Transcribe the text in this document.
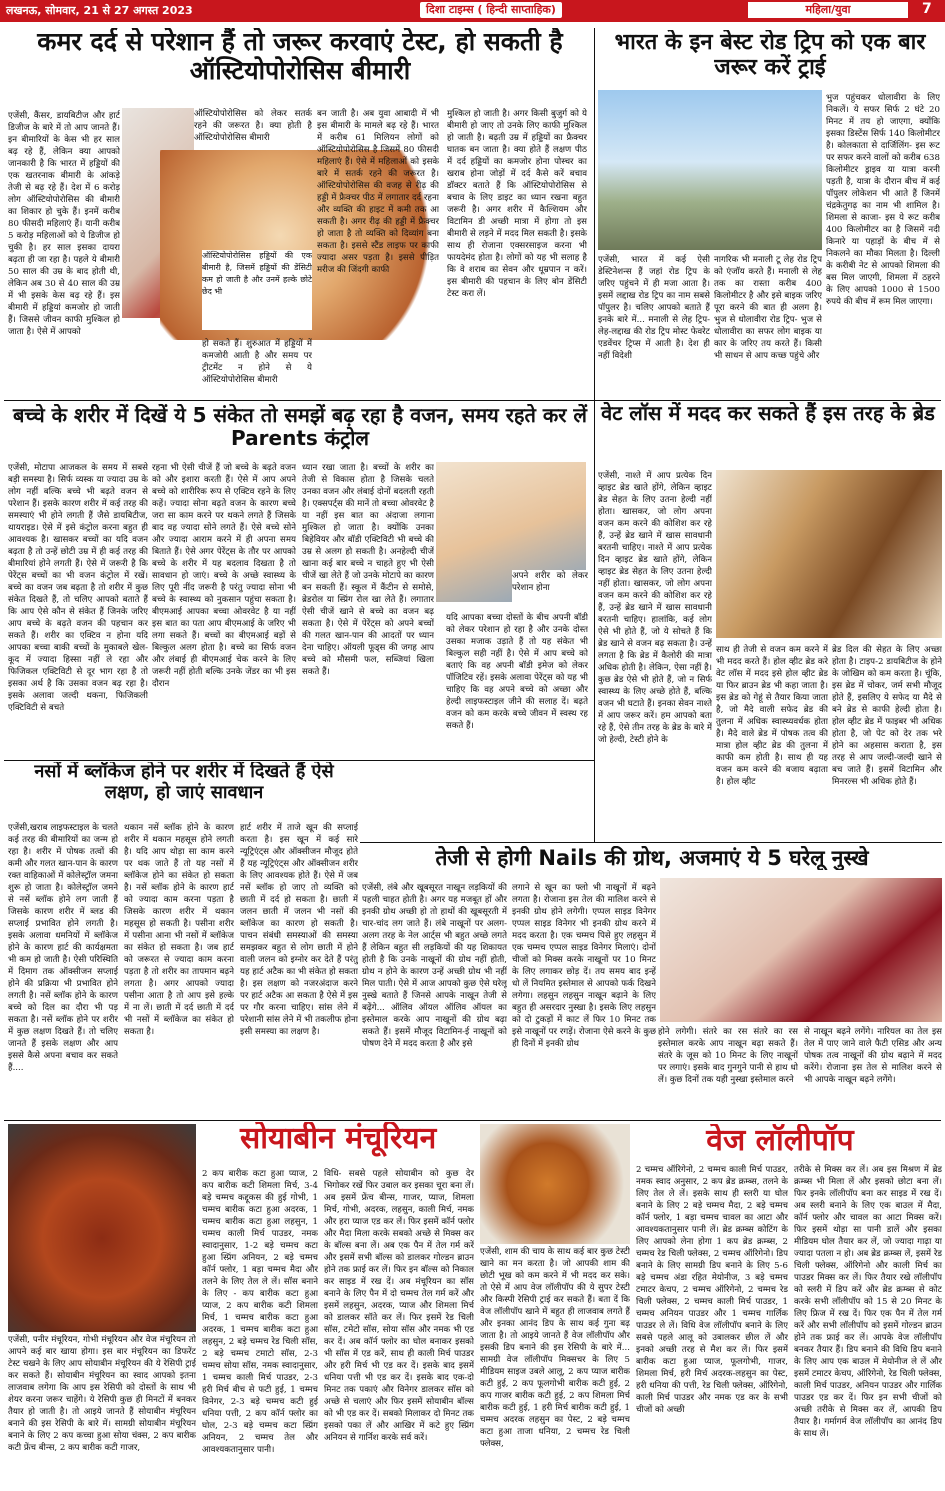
लखनऊ, सोमवार, 21 से 27 अगस्त 2023	दिशा टाइम्स ( हिन्दी साप्ताहिक)	महिला/युवा	7
कमर दर्द से परेशान हैं तो जरूर करवाएं टेस्ट, हो सकती है ऑस्टियोपोरोसिस बीमारी
एजेंसी, कैंसर, डायबिटीज और हार्ट डिजीज के बारे में तो आप जानते हैं। इन बीमारियों के केस भी हर साल बढ़ रहे हैं, लेकिन क्या आपको जानकारी है कि भारत में हड्डियों की एक खतरनाक बीमारी के आंकड़े तेजी से बढ़ रहे हैं। देश में 6 करोड़ लोग ऑस्टियोपोरोसिस की बीमारी का शिकार हो चुके हैं। इनमें करीब 80 फीसदी महिलाएं हैं। यानी करीब 5 करोड़ महिलाओं को ये डिजीज हो चुकी है। हर साल इसका दायरा बढ़ता ही जा रहा है। पहले ये बीमारी 50 साल की उम्र के बाद होती थी, लेकिन अब 30 से 40 साल की उम्र में भी इसके केस बढ़ रहे हैं। इस बीमारी में हड्डियां कमजोर हो जाती हैं। जिससे जीवन काफी मुश्किल हो जाता है। ऐसे में आपको
ऑस्टियोपोरोसिस को लेकर सतर्क रहने की जरूरत है। क्या होती है ऑस्टियोपोरोसिस बीमारी
ऑस्टियोपोरोसिस हड्डियों की एक बीमारी है, जिसमें हड्डियों की डेंसिटी कम हो जाती है और उनमें हल्के छोटे छेद भी
हो सकते हैं। शुरुआत में हड्डियों में कमजोरी आती है और समय पर ट्रीटमेंट न होने से ये ऑस्टियोपोरोसिस बीमारी
बन जाती है। अब युवा आबादी में भी इस बीमारी के मामले बढ़ रहे हैं। भारत में करीब 61 मिलियन लोगों को ऑस्टियोपोरोसिस है जिसमें 80 फीसदी महिलाएं हैं। ऐसे में महिलाओं को इसके बारे में सतर्क रहने की जरूरत है। ऑस्टियोपोरोसिस की वजह से रीढ़ की हड्डी में फ्रैक्चर पीठ में लगातार दर्द रहना और व्यक्ति की हाइट में कमी तक आ सकती है। अगर रीढ़ की हड्डी में फ्रैक्चर हो जाता है तो व्यक्ति को दिव्यांग बना सकता है। इससे स्टैंड लाइफ पर काफी ज्यादा असर पड़ता है। इससे पीड़ित मरीज की जिंदगी काफी
मुश्किल हो जाती है। अगर किसी बुजुर्ग को ये बीमारी हो जाए तो उनके लिए काफी मुश्किल हो जाती है। बढ़ती उम्र में हड्डियों का फ्रैक्चर घातक बन जाता है। क्या होते हैं लक्षण पीठ में दर्द हड्डियों का कमजोर होना पोस्चर का खराब होना जोड़ों में दर्द कैसे करें बचाव डॉक्टर बताते हैं कि ऑस्टियोपोरोसिस से बचाव के लिए डाइट का ध्यान रखना बहुत जरूरी है। अगर शरीर में कैल्शियम और विटामिन डी अच्छी मात्रा में होगा तो इस बीमारी से लड़ने में मदद मिल सकती है। इसके साथ ही रोजाना एक्सरसाइज करना भी फायदेमंद होता है। लोगों को यह भी सलाह है कि वे शराब का सेवन और धूम्रपान न करें। इस बीमारी की पहचान के लिए बोन डेंसिटी टेस्ट करा लें।
भारत के इन बेस्ट रोड ट्रिप को एक बार जरूर करें ट्राई
एजेंसी, भारत में कई ऐसी डेस्टिनेशन्स हैं जहां रोड ट्रिप के जरिए पहुंचने में ही मजा आता है। इसमें लद्दाख रोड ट्रिप का नाम सबसे पॉपुलर है। चलिए आपको बताते हैं इनके बारे में... मनाली से लेह ट्रिप- लेह-लद्दाख की रोड ट्रिप मोस्ट फेवरेट एडवेंचर ट्रिप्स में आती है। देश ही नहीं विदेशी
नागरिक भी मनाली टू लेह रोड ट्रिप को एंजॉय करते हैं। मनाली से लेह तक का रास्ता करीब 400 किलोमीटर है और इसे बाइक जरिए पूरा करने की बात ही अलग है। भुज से धोलावीरा रोड ट्रिप- भुज से धोलावीरा का सफर लोग बाइक या कार के जरिए तय करते हैं। किसी भी साधन से आप कच्छ पहुंचे और
भुज पहुंचकर धोलावीरा के लिए निकलें। ये सफर सिर्फ 2 घंटे 20 मिनट में तय हो जाएगा, क्योंकि इसका डिस्टेंस सिर्फ 140 किलोमीटर है। कोलकाता से दार्जिलिंग- इस रूट पर सफर करने वालों को करीब 638 किलोमीटर ड्राइव या यात्रा करनी पड़ती है, यात्रा के दौरान बीच में कई पॉपुलर लोकेशन भी आते हैं जिनमें चंद्रकेतुगढ़ का नाम भी शामिल है। शिमला से काजा- इस ये रूट करीब 400 किलोमीटर का है जिसमें नदी किनारे या पहाड़ों के बीच में से निकलने का मौका मिलता है। दिल्ली के करीबी नेट से आपको शिमला की बस मिल जाएगी, शिमला में ठहरने के लिए आपको 1000 से 1500 रुपये की बीच में रूम मिल जाएगा।
बच्चे के शरीर में दिखें ये 5 संकेत तो समझें बढ़ रहा है वजन, समय रहते कर लें Parents कंट्रोल
एजेंसी, मोटापा आजकल के समय में सबसे बड़ी समस्या है। सिर्फ व्यस्क या ज्यादा उम्र के लोग नहीं बल्कि बच्चे भी बढ़ते वजन से परेशान हैं। इसके कारण शरीर में कई तरह की समस्याएं भी होने लगती हैं जैसे डायबिटीज, थायराइड। ऐसे में इसे कंट्रोल करना बहुत ही आवश्यक है। खासकर बच्चों का यदि वजन बढ़ता है तो उन्हें छोटी उम्र में ही कई तरह की बीमारियां होने लगती हैं। ऐसे में जरूरी है कि पेरेंट्स बच्चों का भी वजन कंट्रोल में रखें। बच्चे का वजन जब बढ़ता है तो शरीर में कुछ संकेत दिखते हैं, तो चलिए आपको बताते हैं कि आप ऐसे कौन से संकेत हैं जिनके जरिए आप बच्चे के बढ़ते वजन की पहचान कर सकते हैं। शरीर का एक्टिव न होना यदि आपका बच्चा बाकी बच्चों के मुकाबले खेल-कूद में ज्यादा हिस्सा नहीं ले रहा और फिजिकल एक्टिविटी से दूर भाग रहा है तो इसका अर्थ है कि उसका वजन बढ़ रहा है। इसके अलावा जल्दी थकना, फिजिकली एक्टिविटी से बचते
रहना भी ऐसी चीजें हैं जो बच्चे के बढ़ते वजन को और इशारा करती हैं। ऐसे में आप अपने बच्चे को शारीरिक रूप से एक्टिव रहने के लिए कहें। ज्यादा सोना बढ़ते वजन के कारण बच्चे जरा सा काम करने पर थकने लगते हैं जिसके बाद वह ज्यादा सोने लगते हैं। ऐसे बच्चे सोने और ज्यादा आराम करने में ही अपना समय बिताते हैं। ऐसे अगर पेरेंट्स के तौर पर आपको बच्चे के शरीर में यह बदलाव दिखता है तो सावधान हो जाएं। बच्चे के अच्छे स्वास्थ्य के लिए पूरी नींद जरूरी है परंतु ज्यादा सोना भी बच्चे के स्वास्थ्य को नुकसान पहुंचा सकता है। बीएमआई आपका बच्चा ओवरवेट है या नहीं इस बात का पता आप बीएमआई के जरिए भी लगा सकते हैं। बच्चों का बीएमआई बड़ों से बिल्कुल अलग होता है। बच्चे का सिर्फ वजन और लंबाई ही बीएमआई चेक करने के लिए जरूरी नहीं होती बल्कि उनके जेंडर का भी इस दौरान
ध्यान रखा जाता है। बच्चों के शरीर का तेजी से विकास होता है जिसके चलते उनका वजन और लंबाई दोनों बदलती रहती है। एक्सपर्ट्स की मानें तो बच्चा ओवरवेट है या नहीं इस बात का अंदाजा लगाना मुश्किल हो जाता है। क्योंकि उनका बिहेवियर और बॉडी एक्टिविटी भी बच्चे की उम्र से अलग हो सकती है। अनहेल्दी चीजें खाना कई बार बच्चे न चाहते हुए भी ऐसी चीजें खा लेते हैं जो उनके मोटापे का कारण बन सकती हैं। स्कूल में कैंटीन से समोसे, ब्रेडरोल या स्प्रिंग रोल खा लेते हैं। लगातार ऐसी चीजें खाने से बच्चे का वजन बढ़ सकता है। ऐसे में पेरेंट्स को अपने बच्चों की गलत खान-पान की आदतों पर ध्यान देना चाहिए। ऑयली फूड्स की जगह आप बच्चे को मौसमी फल, सब्जियां खिला सकते हैं।
अपने शरीर को लेकर परेशान होना
यदि आपका बच्चा दोस्तों के बीच अपनी बॉडी को लेकर परेशान हो रहा है और उनके दोस्त उसका मजाक उड़ाते हैं तो यह संकेत भी बिल्कुल सही नहीं है। ऐसे में आप बच्चे को बताएं कि वह अपनी बॉडी इमेज को लेकर पॉजिटिव रहें। इसके अलावा पेरेंट्स को यह भी चाहिए कि वह अपने बच्चे को अच्छा और हेल्दी लाइफस्टाइल जीने की सलाह दें। बढ़ते वजन को कम करके बच्चे जीवन में स्वस्थ रह सकते हैं।
वेट लॉस में मदद कर सकते हैं इस तरह के ब्रेड
एजेंसी, नाश्ते में आप प्रत्येक दिन व्हाइट ब्रेड खाते होंगे, लेकिन व्हाइट ब्रेड सेहत के लिए उतना हेल्दी नहीं होता। खासकर, जो लोग अपना वजन कम करने की कोशिश कर रहे हैं, उन्हें ब्रेड खाने में खास सावधानी बरतनी चाहिए। नाश्ते में आप प्रत्येक दिन व्हाइट ब्रेड खाते होंगे, लेकिन व्हाइट ब्रेड सेहत के लिए उतना हेल्दी नहीं होता। खासकर, जो लोग अपना वजन कम करने की कोशिश कर रहे हैं, उन्हें ब्रेड खाने में खास सावधानी बरतनी चाहिए। हालांकि, कई लोग ऐसे भी होते हैं, जो ये सोचते हैं कि ब्रेड खाने से वजन बढ़ सकता है। उन्हें लगता है कि ब्रेड में कैलोरी की मात्रा अधिक होती है। लेकिन, ऐसा नहीं है। कुछ ब्रेड ऐसे भी होते हैं, जो न सिर्फ स्वास्थ्य के लिए अच्छे होते हैं, बल्कि वजन भी घटाते हैं। इनका सेवन नाश्ते में आप जरूर करें। हम आपको बता रहे हैं, ऐसे तीन तरह के ब्रेड के बारे में जो हेल्दी, टेस्टी होने के
साथ ही तेजी से वजन कम करने में भी मदद करते हैं। होल व्हीट ब्रेड करे वेट लॉस में मदद इसे होल व्हीट ब्रेड या फिर ब्राउन ब्रेड भी कहा जाता है। इस ब्रेड को गेहूं से तैयार किया जाता है, जो मैदे वाली सफेद ब्रेड की तुलना में अधिक स्वास्थ्यवर्धक होता है। मैदे वाले ब्रेड में पोषक तत्व की मात्रा होल व्हीट ब्रेड की तुलना में काफी कम होती है। साथ ही यह वजन कम करने की बजाय बढ़ाता है। होल व्हीट
ब्रेड दिल की सेहत के लिए अच्छा होता है। टाइप-2 डायबिटीज के होने के जोखिम को कम करता है। चूंकि, इस ब्रेड में चोकर, जर्म सभी मौजूद होते हैं, इसलिए ये सफेद या मैदे से बने ब्रेड से काफी हेल्दी होता है। होल व्हीट ब्रेड में फाइबर भी अधिक होता है, जो पेट को देर तक भरे होने का अहसास कराता है, इस तरह से आप जल्दी-जल्दी खाने से बच जाते हैं। इसमें विटामिन और मिनरल्स भी अधिक होते हैं।
नसों में ब्लॉकेज होने पर शरीर में दिखते हैं ऐसे लक्षण, हो जाएं सावधान
एजेंसी,खराब लाइफस्टाइल के चलते कई तरह की बीमारियों का जन्म हो रहा है। शरीर में पोषक तत्वों की कमी और गलत खान-पान के कारण रक्त वाहिकाओं में कोलेस्ट्रॉल जमना शुरू हो जाता है। कोलेस्ट्रॉल जमने से नसें ब्लॉक होने लग जाती हैं जिसके कारण शरीर में ब्लड की सप्लाई प्रभावित होने लगती है। इसके अलावा धमनियों में ब्लॉकेज होने के कारण हार्ट की कार्यक्षमता भी कम हो जाती है। ऐसी परिस्थिति में दिमाग तक ऑक्सीजन सप्लाई होने की प्रक्रिया भी प्रभावित होने लगती है। नसें ब्लॉक होने के कारण बच्चे को दिल का दौरा भी पड़ सकता है। नसें ब्लॉक होने पर शरीर में कुछ लक्षण दिखते हैं। तो चलिए जानते हैं इसके लक्षण और आप इससे कैसे अपना बचाव कर सकते हैं....
थकान नसें ब्लॉक होने के कारण शरीर में थकान महसूस होने लगती है। यदि आप थोड़ा सा काम करने पर थक जाते हैं तो यह नसों में ब्लॉकेज होने का संकेत हो सकता है। नसें ब्लॉक होने के कारण हार्ट को ज्यादा काम करना पड़ता है जिसके कारण शरीर में थकान महसूस हो सकती है। पसीना शरीर में पसीना आना भी नसों में ब्लॉकेज का संकेत हो सकता है। जब हार्ट को जरूरत से ज्यादा काम करना पड़ता है तो शरीर का तापमान बढ़ने लगता है। अगर आपको ज्यादा पसीना आता है तो आप इसे हल्के में ना लें। छाती में दर्द छाती में दर्द भी नसों में ब्लॉकेज का संकेत हो सकता है।
हार्ट शरीर में ताजे खून की सप्लाई करता है। इस खून में कई सारे न्यूट्रिएंट्स और ऑक्सीजन मौजूद होते हैं यह न्यूट्रिएंट्स और ऑक्सीजन शरीर के लिए आवश्यक होते हैं। ऐसे में जब नसें ब्लॉक हो जाए तो व्यक्ति को छाती में दर्द हो सकता है। छाती में जलन छाती में जलन भी नसों की ब्लॉकेज का कारण हो सकती है। पाचन संबंधी समस्याओं की समस्या समझकर बहुत से लोग छाती में होने वाली जलन को इग्नोर कर देते हैं परंतु यह हार्ट अटैक का भी संकेत हो सकता है। इस लक्षण को नजरअंदाज करने पर हार्ट अटैक आ सकता है ऐसे में इस पर गौर करना चाहिए। सांस लेने में परेशानी सांस लेने में भी तकलीफ होना इसी समस्या का लक्षण है।
तेजी से होगी Nails की ग्रोथ, अजमाएं ये 5 घरेलू नुस्खे
एजेंसी, लंबे और खूबसूरत नाखून लड़कियों की पहली चाहत होती है। अगर यह मजबूत हों और इनकी ग्रोथ अच्छी हो तो हाथों की खूबसूरती में चार-चांद लग जाते हैं। लंबे नाखूनों पर अलग-अलग तरह के नेल आर्ट्स भी बहुत अच्छे लगते हैं लेकिन बहुत सी लड़कियों की यह शिकायत होती है कि उनके नाखूनों की ग्रोथ नहीं होती, ग्रोथ न होने के कारण उन्हें अच्छी ग्रोथ भी नहीं मिल पाती। ऐसे में आज आपको कुछ ऐसे घरेलू नुस्खे बताते हैं जिनसे आपके नाखून तेजी से बढ़ेंगे... ऑलिव ऑयल ऑलिव ऑयल का इस्तेमाल करके आप नाखूनों की ग्रोथ बढ़ा सकते हैं। इसमें मौजूद विटामिन-ई नाखूनों को पोषण देने में मदद करता है और इसे
लगाने से खून का फ्लो भी नाखूनों में बढ़ने लगता है। रोजाना इस तेल की मालिश करने से इनकी ग्रोथ होने लगेगी। एप्पल साइड विनेगर एप्पल साइड विनेगर भी इनकी ग्रोथ करने में मदद करता है। एक चम्मच पिसे हुए लहसुन में एक चम्मच एप्पल साइड विनेगर मिलाएं। दोनों चीजों को मिक्स करके नाखूनों पर 10 मिनट के लिए लगाकर छोड़ दें। तय समय बाद इन्हें धो लें नियमित इस्तेमाल से आपको फर्क दिखने लगेगा। लहसुन लहसुन नाखून बढ़ाने के लिए बहुत ही असरदार नुस्खा है। इसके लिए लहसुन को दो टुकड़ों में काट लें फिर 10 मिनट तक इसे नाखूनों पर रगड़ें। रोजाना ऐसे करने के कुछ ही दिनों में इनकी ग्रोथ
होने लगेगी। संतरे का रस संतरे का रस इस्तेमाल करके आप नाखून बढ़ा सकते हैं। संतरे के जूस को 10 मिनट के लिए नाखूनों पर लगाएं। इसके बाद गुनगुने पानी से हाथ धो लें। कुछ दिनों तक यही नुस्खा इस्तेमाल करने
से नाखून बढ़ने लगेंगे। नारियल का तेल इस तेल में पाए जाने वाले फैटी एसिड और अन्य पोषक तत्व नाखूनों की ग्रोथ बढ़ाने में मदद करेंगे। रोजाना इस तेल से मालिश करने से भी आपके नाखून बढ़ने लगेंगे।
सोयाबीन मंचूरियन
एजेंसी, पनीर मंचूरियन, गोभी मंचूरियन और वेज मंचूरियन तो आपने कई बार खाया होगा। इस बार मंचूरियन का डिफरेंट टेस्ट चखने के लिए आप सोयाबीन मंचूरियन की ये रेसिपी ट्राई कर सकते हैं। सोयाबीन मंचूरियन का स्वाद आपको इतना लाजवाब लगेगा कि आप इस रेसिपी को दोस्तों के साथ भी शेयर करना जरूर चाहेंगे। ये रेसिपी कुछ ही मिनटों में बनकर तैयार हो जाती है। तो आइये जानते हैं सोयाबीन मंचूरियन बनाने की इस रेसिपी के बारे में। सामग्री सोयाबीन मंचूरियन बनाने के लिए 2 कप कच्चा हुआ सोया चंक्स, 2 कप बारीक कटी फ्रेंच बीन्स, 2 कप बारीक कटी गाजर,
2 कप बारीक कटा हुआ प्याज, 2 कप बारीक कटी शिमला मिर्च, 3-4 बड़े चम्मच कद्दूकस की हुई गोभी, 1 चम्मच बारीक कटा हुआ अदरक, 1 चम्मच बारीक कटा हुआ लहसुन, 1 चम्मच काली मिर्च पाउडर, नमक स्वादानुसार, 1-2 बड़े चम्मच कटा हुआ स्प्रिंग अनियन, 2 बड़े चम्मच कॉर्न फ्लोर, 1 बड़ा चम्मच मैदा और तलने के लिए तेल ले लें। सॉस बनाने के लिए - कप बारीक कटा हुआ प्याज, 2 कप बारीक कटी शिमला मिर्च, 1 चम्मच बारीक कटा हुआ अदरक, 1 चम्मच बारीक कटा हुआ लहसुन, 2 बड़े चम्मच रेड चिली सॉस, 2 बड़े चम्मच टमाटो सॉस, 2-3 चम्मच सोया सॉस, नमक स्वादानुसार, 1 चम्मच काली मिर्च पाउडर, 2-3 हरी मिर्च बीच से फटी हुई, 1 चम्मच विनेगर, 2-3 बड़े चम्मच कटी हुई धनिया पत्ती, 2 कप कॉर्न फ्लोर का घोल, 2-3 बड़े चम्मच कटा स्प्रिंग अनियन, 2 चम्मच तेल और आवश्यकतानुसार पानी।
विधि- सबसे पहले सोयाबीन को कुछ देर भिगोकर रखें फिर उबाल कर इसका चूरा बना लें। अब इसमें फ्रेंच बीन्स, गाजर, प्याज, शिमला मिर्च, गोभी, अदरक, लहसुन, काली मिर्च, नमक और हरा प्याज एड कर लें। फिर इसमें कॉर्न फ्लोर और मैदा मिला करके सबको अच्छे से मिक्स कर के बॉल्स बना लें। अब एक पैन में तेल गर्म करें और इसमें सभी बॉल्स को डालकर गोल्डन ब्राउन होने तक फ्राई कर लें। फिर इन बॉल्स को निकाल कर साइड में रख दें। अब मंचूरियन का सॉस बनाने के लिए पैन में दो चम्मच तेल गर्म करें और इसमें लहसुन, अदरक, प्याज और शिमला मिर्च को डालकर सॉते कर लें। फिर इसमें रेड चिली सॉस, टमेटो सॉस, सोया सॉस और नमक भी एड कर दें। अब कॉर्न फ्लोर का घोल बनाकर इसको भी सॉस में एड करें, साथ ही काली मिर्च पाउडर और हरी मिर्च भी एड कर दें। इसके बाद इसमें धनिया पत्ती भी एड कर दें। इसके बाद एक-दो मिनट तक पकाएं और विनेगर डालकर सॉस को अच्छे से चलाएं और फिर इसमें सोयाबीन बॉल्स को भी एड कर दें। सबको मिलाकर दो मिनट तक इसको पका लें और आखिर में कटे हुए स्प्रिंग अनियन से गार्निश करके सर्व करें।
वेज लॉलीपॉप
एजेंसी, शाम की चाय के साथ कई बार कुछ टेस्टी खाने का मन करता है। जो आपकी शाम की छोटी भूख को कम करने में भी मदद कर सके। तो ऐसे में आप वेज लॉलीपॉप की ये सुपर टेस्टी और किस्पी रेसिपी ट्राई कर सकते हैं। बता दें कि वेज लॉलीपॉप खाने में बहुत ही लाजवाब लगते हैं और इनका आनंद डिप के साथ कई गुना बढ़ जाता है। तो आइये जानते हैं वेज लॉलीपॉप और इसकी डिप बनाने की इस रेसिपी के बारे में... सामग्री वेज लॉलीपॉप मिक्सचर के लिए 5 मीडियम साइज उबले आलू, 2 कप प्याज बारीक कटी हुई, 2 कप फूलगोभी बारीक कटी हुई, 2 कप गाजर बारीक कटी हुई, 2 कप शिमला मिर्च बारीक कटी हुई, 1 हरी मिर्च बारीक कटी हुई, 1 चम्मच अदरक लहसुन का पेस्ट, 2 बड़े चम्मच कटा हुआ ताजा धनिया, 2 चम्मच रेड चिली फ्लेक्स,
2 चम्मच ऑरिगेनो, 2 चम्मच काली मिर्च पाउडर, नमक स्वाद अनुसार, 2 कप ब्रेड क्रम्ब्स, तलने के लिए तेल ले लें। इसके साथ ही स्लरी या घोल बनाने के लिए 2 बड़े चम्मच मैदा, 2 बड़े चम्मच कॉर्न फ्लोर, 1 बड़ा चम्मच चावल का आटा और आवश्यकतानुसार पानी लें। ब्रेड क्रम्ब्स कोटिंग के लिए आपको लेना होगा 1 कप ब्रेड क्रम्ब्स, 2 चम्मच रेड चिली फ्लेक्स, 2 चम्मच ऑरिगेनो। डिप बनाने के लिए सामग्री डिप बनाने के लिए 5-6 बड़े चम्मच अंडा रहित मेयोनीज, 3 बड़े चम्मच टमाटर केचप, 2 चम्मच ऑरिगेनो, 2 चम्मच रेड चिली फ्लेक्स, 2 चम्मच काली मिर्च पाउडर, 1 चम्मच अनियन पाउडर और 1 चम्मच गार्लिक पाउडर ले लें। विधि वेज लॉलीपॉप बनाने के लिए सबसे पहले आलू को उबालकर छील लें और इनको अच्छी तरह से मैश कर लें। फिर इसमें बारीक कटा हुआ प्याज, फूलगोभी, गाजर, शिमला मिर्च, हरी मिर्च अदरक-लहसुन का पेस्ट, हरी धनिया की पत्ती, रेड चिली फ्लेक्स, ऑरिगेनो, काली मिर्च पाउडर और नमक एड कर के सभी चीजों को अच्छी
तरीके से मिक्स कर लें। अब इस मिश्रण में ब्रेड क्रम्ब्स भी मिला लें और इसको छोटा बना लें। फिर इनके लॉलीपॉप बना कर साइड में रख दें। अब स्लरी बनाने के लिए एक बाउल में मैदा, कॉर्न फ्लोर और चावल का आटा मिक्स करें। फिर इसमें थोड़ा सा पानी डालें और इसका मीडियम घोल तैयार कर लें, जो ज्यादा गाढ़ा या ज्यादा पतला न हो। अब ब्रेड क्रम्ब्स लें, इसमें रेड चिली फ्लेक्स, ऑरिगेनो और काली मिर्च का पाउडर मिक्स कर लें। फिर तैयार रखे लॉलीपॉप को स्लरी में डिप करें और ब्रेड क्रम्ब्स से कोट करके सभी लॉलीपॉप को 15 से 20 मिनट के लिए फ्रिज में रख दें। फिर एक पैन में तेल गर्म करें और सभी लॉलीपॉप को इसमें गोल्डन ब्राउन होने तक फ्राई कर लें। आपके वेज लॉलीपॉप बनकर तैयार हैं। डिप बनाने की विधि डिप बनाने के लिए आप एक बाउल में मेयोनीज ले लें और इसमें टमाटर केचप, ऑरिगेनो, रेड चिली फ्लेक्स, काली मिर्च पाउडर, अनियन पाउडर और गार्लिक पाउडर एड कर दें। फिर इन सभी चीजों को अच्छी तरीके से मिक्स कर लें, आपकी डिप तैयार है। गर्मागर्म वेज लॉलीपॉप का आनंद डिप के साथ लें।
